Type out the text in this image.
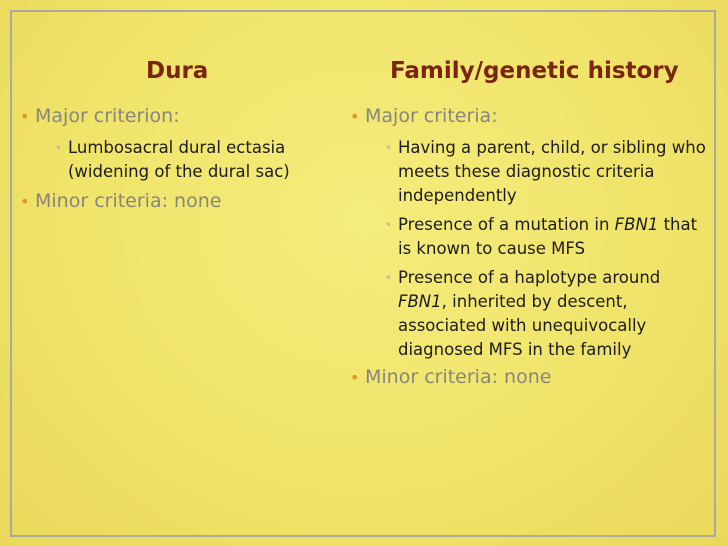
Dura	Family/genetic history
• Major criterion:
• Lumbosacral dural ectasia (widening of the dural sac)
• Minor criteria: none
• Major criteria:
• Having a parent, child, or sibling who meets these diagnostic criteria independently
• Presence of a mutation in FBN1 that is known to cause MFS
• Presence of a haplotype around FBN1, inherited by descent, associated with unequivocally diagnosed MFS in the family
• Minor criteria: none
